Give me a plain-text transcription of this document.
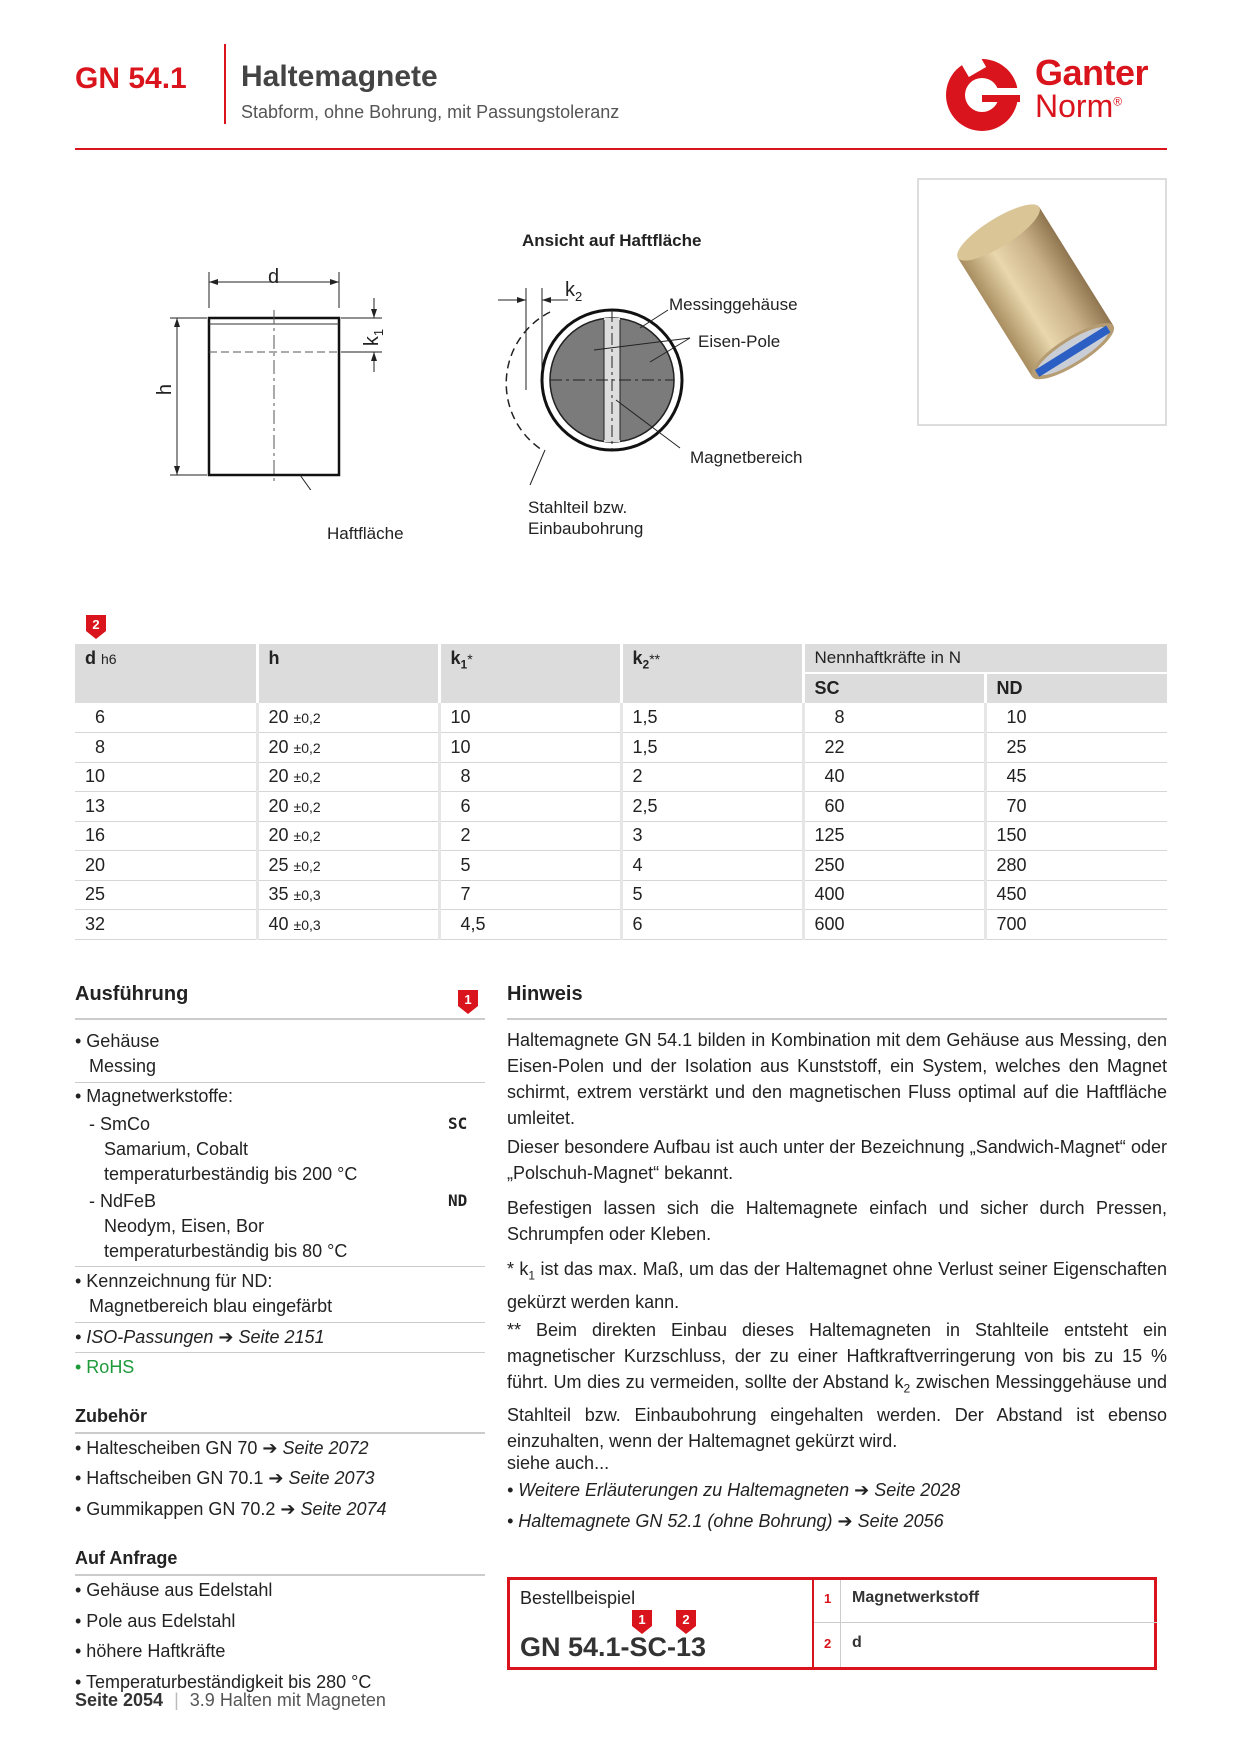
GN 54.1 Haltemagnete
Stabform, ohne Bohrung, mit Passungstoleranz
Ganter
Norm®
d
h
$k_1$
Haftfläche
Ansicht auf Haftfläche
$k_2$	Messinggehäuse
Eisen-Pole
Magnetbereich
Stahlteil bzw.
Einbaubohrung
2
d h6	h	$k_1*$	$k_2**$	Nennhaftkräfte in N	
				SC	ND
6	20 ±0,2	10	1,5	8	10
8	20 ±0,2	10	1,5	22	25
10	20 ±0,2	8	2	40	45
13	20 ±0,2	6	2,5	60	70
16	20 ±0,2	2	3	125	150
20	25 ±0,2	5	4	250	280
25	35 ±0,3	7	5	400	450
32	40 ±0,3	4,5	6	600	700
Ausführung	1
• Gehäuse
Messing
• Magnetwerkstoffe:
- SmCo	SC
Samarium, Cobalt
temperaturbeständig bis 200 °C
- NdFeB	ND
Neodym, Eisen, Bor
temperaturbeständig bis 80 °C
• Kennzeichnung für ND:
Magnetbereich blau eingefärbt
• ISO-Passungen ➔ Seite 2151
• RoHS
Zubehör
• Haltescheiben GN 70 ➔ Seite 2072
• Haftscheiben GN 70.1 ➔ Seite 2073
• Gummikappen GN 70.2 ➔ Seite 2074
Auf Anfrage
• Gehäuse aus Edelstahl
• Pole aus Edelstahl
• höhere Haftkräfte
• Temperaturbeständigkeit bis 280 °C
Hinweis
Haltemagnete GN 54.1 bilden in Kombination mit dem Gehäuse aus Messing, den Eisen-Polen und der Isolation aus Kunststoff, ein System, welches den Magnet schirmt, extrem verstärkt und den magnetischen Fluss optimal auf die Haftfläche umleitet.
Dieser besondere Aufbau ist auch unter der Bezeichnung „Sandwich-Magnet“ oder „Polschuh-Magnet“ bekannt.
Befestigen lassen sich die Haltemagnete einfach und sicher durch Pressen, Schrumpfen oder Kleben.
* $k_1$ ist das max. Maß, um das der Haltemagnet ohne Verlust seiner Eigenschaften gekürzt werden kann.
** Beim direkten Einbau dieses Haltemagneten in Stahlteile entsteht ein magnetischer Kurzschluss, der zu einer Haftkraftverringerung von bis zu 15 % führt. Um dies zu vermeiden, sollte der Abstand $k_2$ zwischen Messinggehäuse und Stahlteil bzw. Einbaubohrung eingehalten werden. Der Abstand ist ebenso einzuhalten, wenn der Haltemagnet gekürzt wird.
siehe auch...
• Weitere Erläuterungen zu Haltemagneten ➔ Seite 2028
• Haltemagnete GN 52.1 (ohne Bohrung) ➔ Seite 2056
Bestellbeispiel
1	2
GN 54.1-SC-13
1 Magnetwerkstoff
2 d
Seite 2054 | 3.9 Halten mit Magneten
